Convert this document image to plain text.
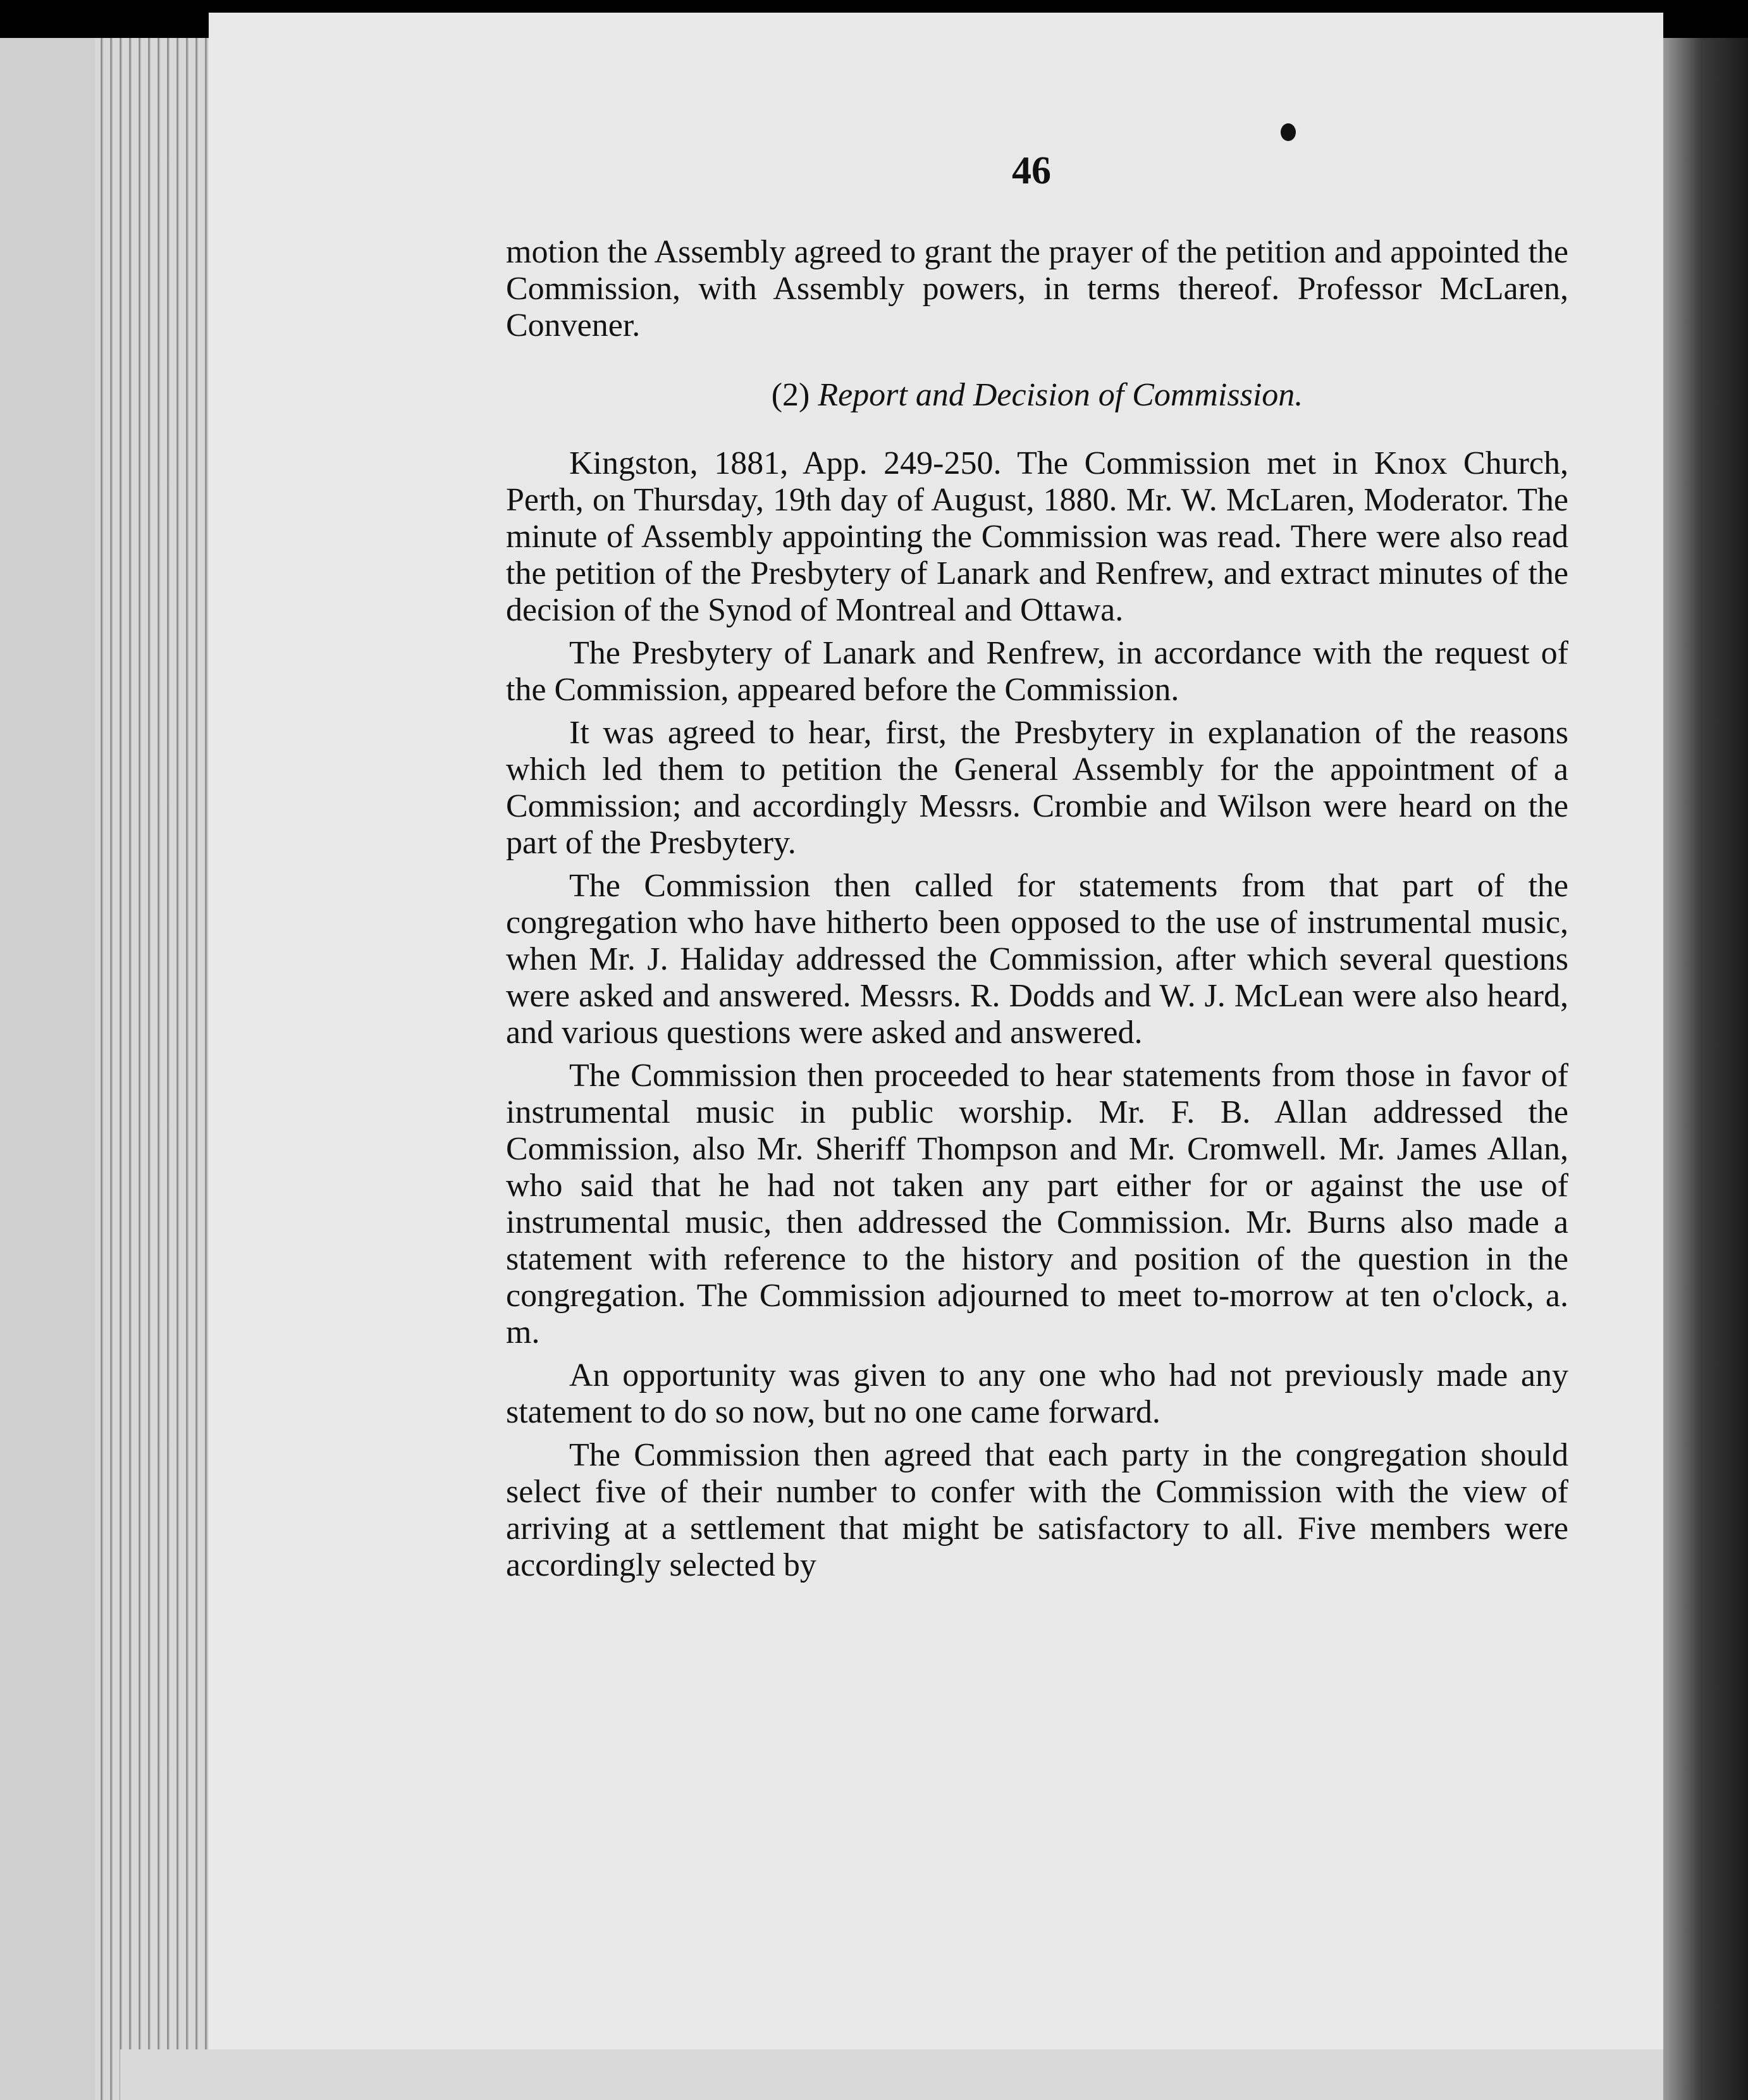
46

motion the Assembly agreed to grant the prayer of the petition and appointed the Commission, with Assembly powers, in terms thereof. Professor McLaren, Convener.

(2) Report and Decision of Commission.

Kingston, 1881, App. 249-250. The Commission met in Knox Church, Perth, on Thursday, 19th day of August, 1880. Mr. W. McLaren, Moderator. The minute of Assembly appointing the Commission was read. There were also read the petition of the Presbytery of Lanark and Renfrew, and extract minutes of the decision of the Synod of Montreal and Ottawa.

The Presbytery of Lanark and Renfrew, in accordance with the request of the Commission, appeared before the Commission.

It was agreed to hear, first, the Presbytery in explanation of the reasons which led them to petition the General Assembly for the appointment of a Commission; and accordingly Messrs. Crombie and Wilson were heard on the part of the Presbytery.

The Commission then called for statements from that part of the congregation who have hitherto been opposed to the use of instrumental music, when Mr. J. Haliday addressed the Commission, after which several questions were asked and answered. Messrs. R. Dodds and W. J. McLean were also heard, and various questions were asked and answered.

The Commission then proceeded to hear statements from those in favor of instrumental music in public worship. Mr. F. B. Allan addressed the Commission, also Mr. Sheriff Thompson and Mr. Cromwell. Mr. James Allan, who said that he had not taken any part either for or against the use of instrumental music, then addressed the Commission. Mr. Burns also made a statement with reference to the history and position of the question in the congregation. The Commission adjourned to meet to-morrow at ten o'clock, a. m.

An opportunity was given to any one who had not previously made any statement to do so now, but no one came forward.

The Commission then agreed that each party in the congregation should select five of their number to confer with the Commission with the view of arriving at a settlement that might be satisfactory to all. Five members were accordingly selected by
